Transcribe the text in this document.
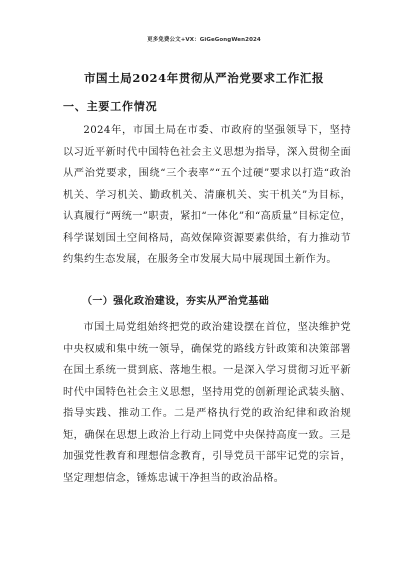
更多免费公文+VX：GiGeGongWen2024
市国土局2024年贯彻从严治党要求工作汇报
一、主要工作情况
2024年，市国土局在市委、市政府的坚强领导下，坚持以习近平新时代中国特色社会主义思想为指导，深入贯彻全面从严治党要求，围绕“三个表率”“五个过硬”要求以打造“政治机关、学习机关、勤政机关、清廉机关、实干机关”为目标，认真履行“两统一”职责，紧扣“一体化”和“高质量”目标定位，科学谋划国土空间格局，高效保障资源要素供给，有力推动节约集约生态发展，在服务全市发展大局中展现国土新作为。
（一）强化政治建设，夯实从严治党基础
市国土局党组始终把党的政治建设摆在首位，坚决维护党中央权威和集中统一领导，确保党的路线方针政策和决策部署在国土系统一贯到底、落地生根。一是深入学习贯彻习近平新时代中国特色社会主义思想，坚持用党的创新理论武装头脑、指导实践、推动工作。二是严格执行党的政治纪律和政治规矩，确保在思想上政治上行动上同党中央保持高度一致。三是加强党性教育和理想信念教育，引导党员干部牢记党的宗旨，坚定理想信念，锤炼忠诚干净担当的政治品格。
